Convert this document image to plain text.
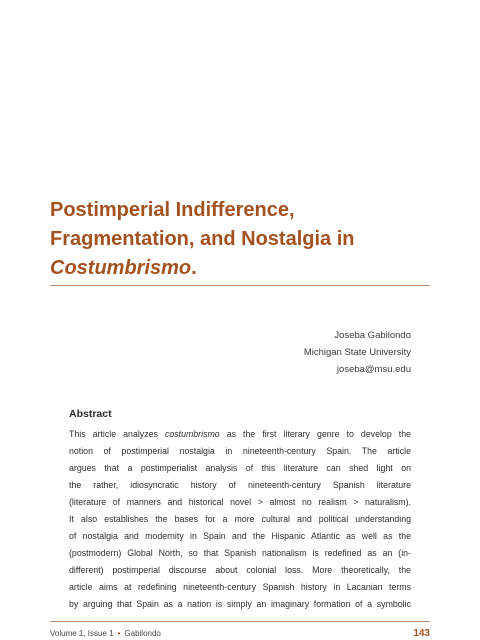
Postimperial Indifference,
Fragmentation, and Nostalgia in
Costumbrismo.
Joseba Gabilondo
Michigan State University
joseba@msu.edu
Abstract
This article analyzes costumbrismo as the first literary genre to develop the
notion of postimperial nostalgia in nineteenth-century Spain. The article
argues that a postimperialist analysis of this literature can shed light on
the rather, idiosyncratic history of nineteenth-century Spanish literature
(literature of manners and historical novel > almost no realism > naturalism).
It also establishes the bases for a more cultural and political understanding
of nostalgia and modernity in Spain and the Hispanic Atlantic as well as the
(postmodern) Global North, so that Spanish nationalism is redefined as an (in-
different) postimperial discourse about colonial loss. More theoretically, the
article aims at redefining nineteenth-century Spanish history in Lacanian terms
by arguing that Spain as a nation is simply an imaginary formation of a symbolic
Volume 1, Issue 1 • Gabilondo	143
